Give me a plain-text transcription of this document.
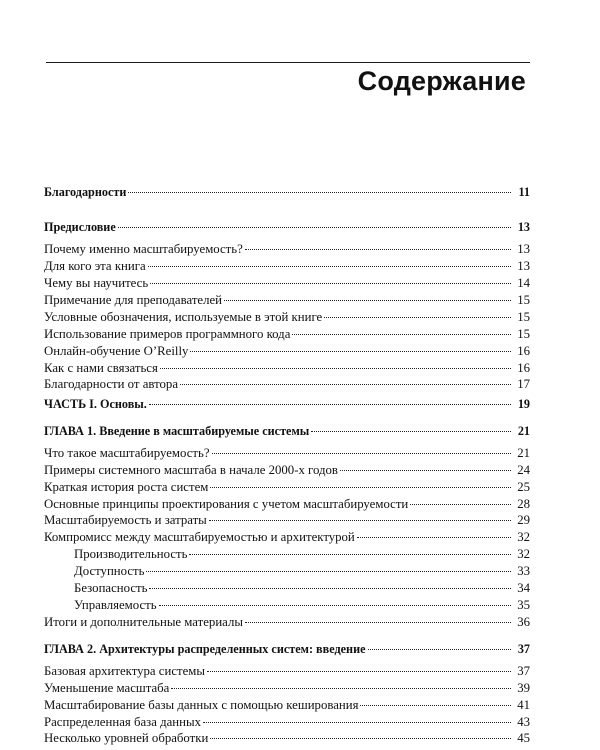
Содержание
Благодарности	11
Предисловие	13
Почему именно масштабируемость?	13
Для кого эта книга	13
Чему вы научитесь	14
Примечание для преподавателей	15
Условные обозначения, используемые в этой книге	15
Использование примеров программного кода	15
Онлайн-обучение O’Reilly	16
Как с нами связаться	16
Благодарности от автора	17
ЧАСТЬ I. Основы.	19
ГЛАВА 1. Введение в масштабируемые системы	21
Что такое масштабируемость?	21
Примеры системного масштаба в начале 2000-х годов	24
Краткая история роста систем	25
Основные принципы проектирования с учетом масштабируемости	28
Масштабируемость и затраты	29
Компромисс между масштабируемостью и архитектурой	32
Производительность	32
Доступность	33
Безопасность	34
Управляемость	35
Итоги и дополнительные материалы	36
ГЛАВА 2. Архитектуры распределенных систем: введение	37
Базовая архитектура системы	37
Уменьшение масштаба	39
Масштабирование базы данных с помощью кеширования	41
Распределенная база данных	43
Несколько уровней обработки	45
